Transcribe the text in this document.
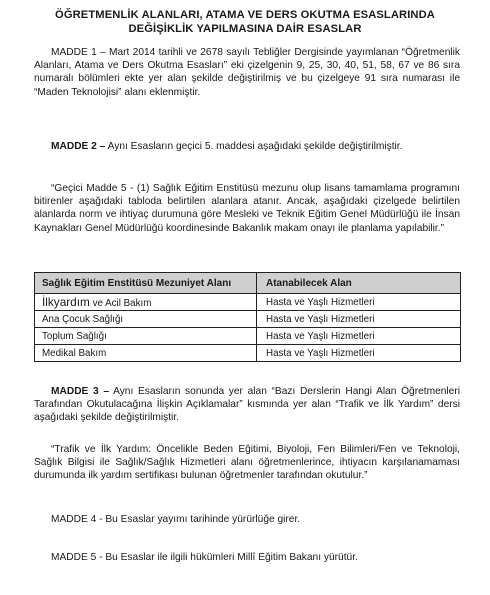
ÖĞRETMENLİK ALANLARI, ATAMA VE DERS OKUTMA ESASLARINDA
DEĞİŞİKLİK YAPILMASINA DAİR ESASLAR
MADDE 1 – Mart 2014 tarihli ve 2678 sayılı Tebliğler Dergisinde yayımlanan “Öğretmenlik Alanları, Atama ve Ders Okutma Esasları” eki çizelgenin 9, 25, 30, 40, 51, 58, 67 ve 86 sıra numaralı bölümleri ekte yer alan şekilde değiştirilmiş ve bu çizelgeye 91 sıra numarası ile “Maden Teknolojisi” alanı eklenmiştir.
MADDE 2 – Aynı Esasların geçici 5. maddesi aşağıdaki şekilde değiştirilmiştir.
“Geçici Madde 5 - (1) Sağlık Eğitim Enstitüsü mezunu olup lisans tamamlama programını bitirenler aşağıdaki tabloda belirtilen alanlara atanır. Ancak, aşağıdaki çizelgede belirtilen alanlarda norm ve ihtiyaç durumuna göre Mesleki ve Teknik Eğitim Genel Müdürlüğü ile İnsan Kaynakları Genel Müdürlüğü koordinesinde Bakanlık makam onayı ile planlama yapılabilir.”
Sağlık Eğitim Enstitüsü Mezuniyet Alanı	Atanabilecek Alan
İlkyardım ve Acil Bakım	Hasta ve Yaşlı Hizmetleri
Ana Çocuk Sağlığı	Hasta ve Yaşlı Hizmetleri
Toplum Sağlığı	Hasta ve Yaşlı Hizmetleri
Medikal Bakım	Hasta ve Yaşlı Hizmetleri
MADDE 3 – Aynı Esasların sonunda yer alan “Bazı Derslerin Hangi Alan Öğretmenleri Tarafından Okutulacağına İlişkin Açıklamalar” kısmında yer alan “Trafik ve İlk Yardım” dersi aşağıdaki şekilde değiştirilmiştir.
“Trafik ve İlk Yardım: Öncelikle Beden Eğitimi, Biyoloji, Fen Bilimleri/Fen ve Teknoloji, Sağlık Bilgisi ile Sağlık/Sağlık Hizmetleri alanı öğretmenlerince, ihtiyacın karşılanamaması durumunda ilk yardım sertifikası bulunan öğretmenler tarafından okutulur.”
MADDE 4 - Bu Esaslar yayımı tarihinde yürürlüğe girer.
MADDE 5 - Bu Esaslar ile ilgili hükümleri Millî Eğitim Bakanı yürütür.
